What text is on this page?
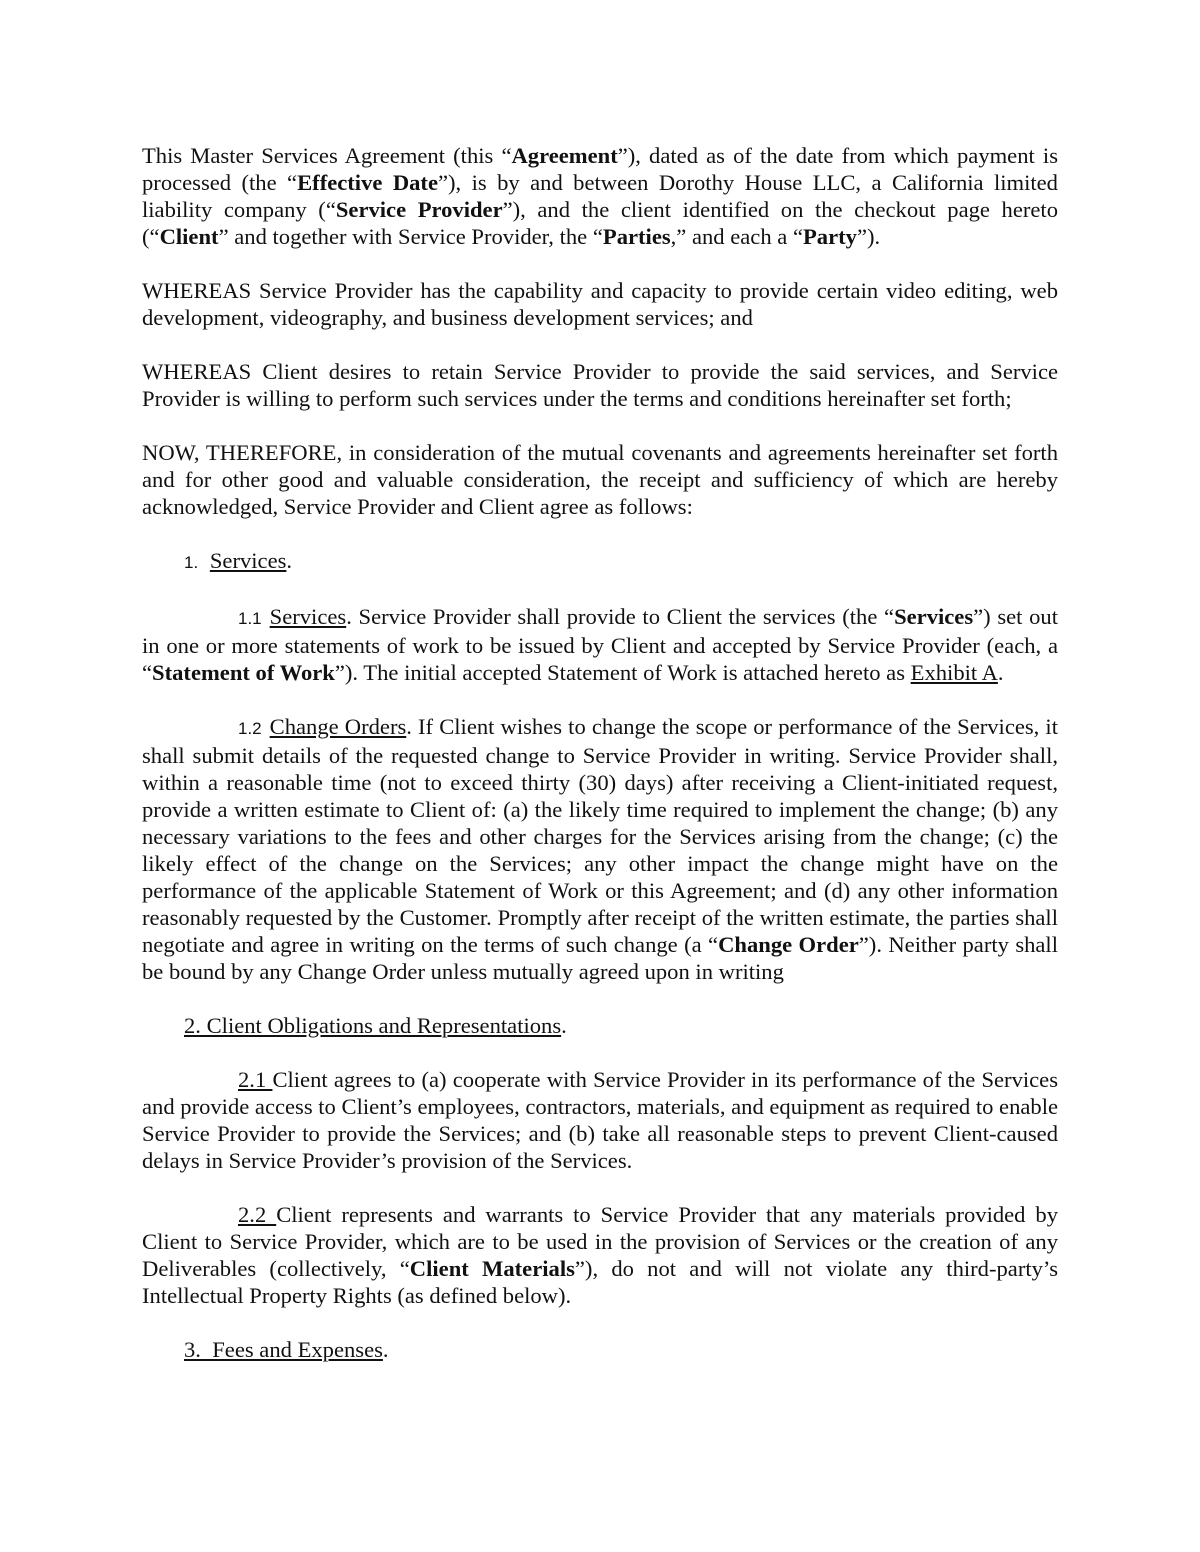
This Master Services Agreement (this “Agreement”), dated as of the date from which payment is processed (the “Effective Date”), is by and between Dorothy House LLC, a California limited liability company (“Service Provider”), and the client identified on the checkout page hereto (“Client” and together with Service Provider, the “Parties,” and each a “Party”).

WHEREAS Service Provider has the capability and capacity to provide certain video editing, web development, videography, and business development services; and

WHEREAS Client desires to retain Service Provider to provide the said services, and Service Provider is willing to perform such services under the terms and conditions hereinafter set forth;

NOW, THEREFORE, in consideration of the mutual covenants and agreements hereinafter set forth and for other good and valuable consideration, the receipt and sufficiency of which are hereby acknowledged, Service Provider and Client agree as follows:

1. Services.

1.1 Services. Service Provider shall provide to Client the services (the “Services”) set out in one or more statements of work to be issued by Client and accepted by Service Provider (each, a “Statement of Work”). The initial accepted Statement of Work is attached hereto as Exhibit A.

1.2 Change Orders. If Client wishes to change the scope or performance of the Services, it shall submit details of the requested change to Service Provider in writing. Service Provider shall, within a reasonable time (not to exceed thirty (30) days) after receiving a Client-initiated request, provide a written estimate to Client of: (a) the likely time required to implement the change; (b) any necessary variations to the fees and other charges for the Services arising from the change; (c) the likely effect of the change on the Services; any other impact the change might have on the performance of the applicable Statement of Work or this Agreement; and (d) any other information reasonably requested by the Customer. Promptly after receipt of the written estimate, the parties shall negotiate and agree in writing on the terms of such change (a “Change Order”). Neither party shall be bound by any Change Order unless mutually agreed upon in writing

2. Client Obligations and Representations.

2.1 Client agrees to (a) cooperate with Service Provider in its performance of the Services and provide access to Client’s employees, contractors, materials, and equipment as required to enable Service Provider to provide the Services; and (b) take all reasonable steps to prevent Client-caused delays in Service Provider’s provision of the Services.

2.2 Client represents and warrants to Service Provider that any materials provided by Client to Service Provider, which are to be used in the provision of Services or the creation of any Deliverables (collectively, “Client Materials”), do not and will not violate any third-party’s Intellectual Property Rights (as defined below).

3.  Fees and Expenses.
